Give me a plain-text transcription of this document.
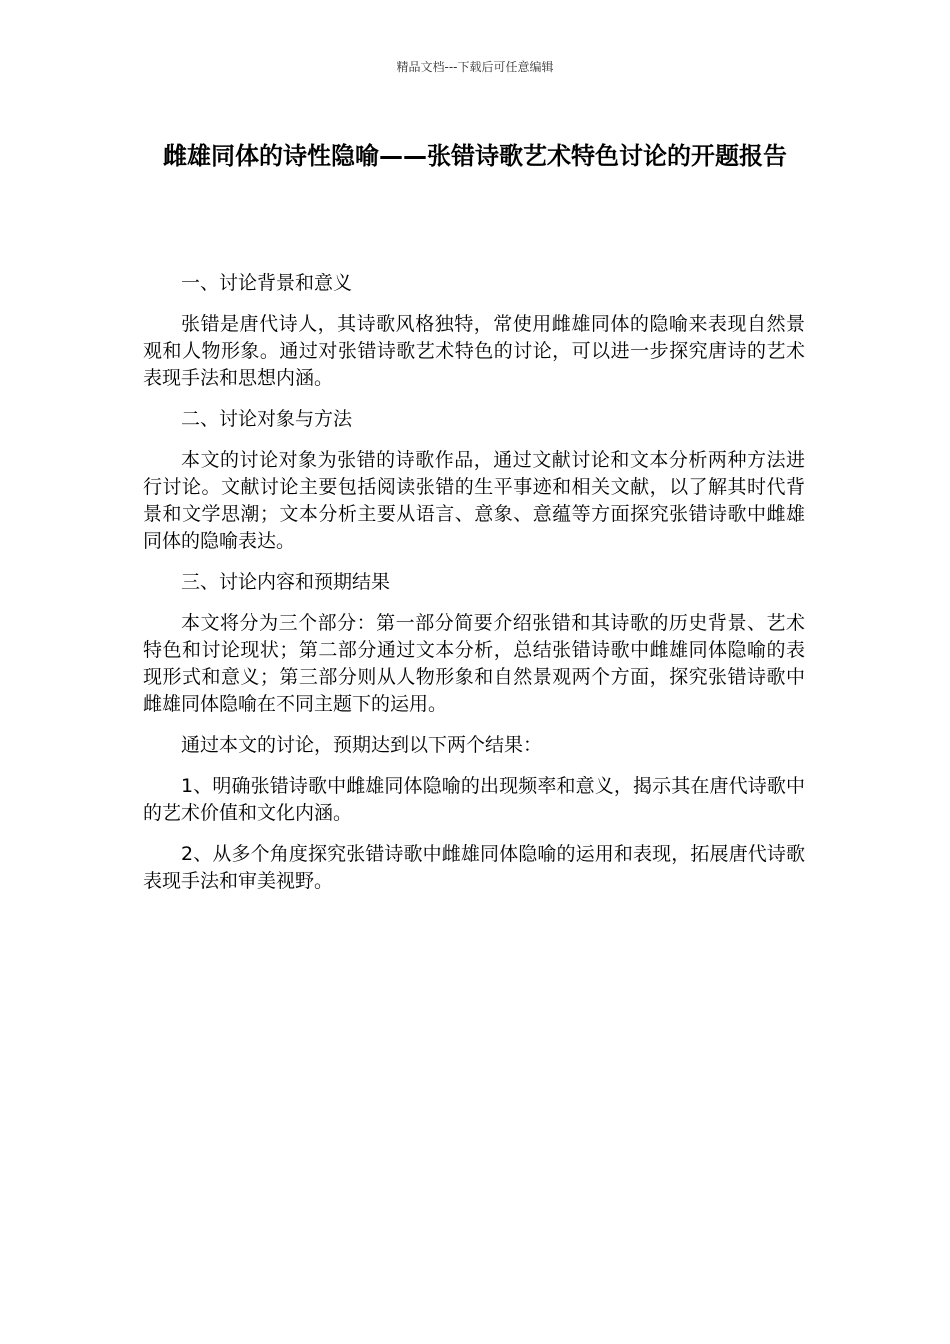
精品文档---下载后可任意编辑
雌雄同体的诗性隐喻——张错诗歌艺术特色讨论的开题报告

一、讨论背景和意义

张错是唐代诗人，其诗歌风格独特，常使用雌雄同体的隐喻来表现自然景观和人物形象。通过对张错诗歌艺术特色的讨论，可以进一步探究唐诗的艺术表现手法和思想内涵。

二、讨论对象与方法

本文的讨论对象为张错的诗歌作品，通过文献讨论和文本分析两种方法进行讨论。文献讨论主要包括阅读张错的生平事迹和相关文献，以了解其时代背景和文学思潮；文本分析主要从语言、意象、意蕴等方面探究张错诗歌中雌雄同体的隐喻表达。

三、讨论内容和预期结果

本文将分为三个部分：第一部分简要介绍张错和其诗歌的历史背景、艺术特色和讨论现状；第二部分通过文本分析，总结张错诗歌中雌雄同体隐喻的表现形式和意义；第三部分则从人物形象和自然景观两个方面，探究张错诗歌中雌雄同体隐喻在不同主题下的运用。

通过本文的讨论，预期达到以下两个结果：

1、明确张错诗歌中雌雄同体隐喻的出现频率和意义，揭示其在唐代诗歌中的艺术价值和文化内涵。

2、从多个角度探究张错诗歌中雌雄同体隐喻的运用和表现，拓展唐代诗歌表现手法和审美视野。
